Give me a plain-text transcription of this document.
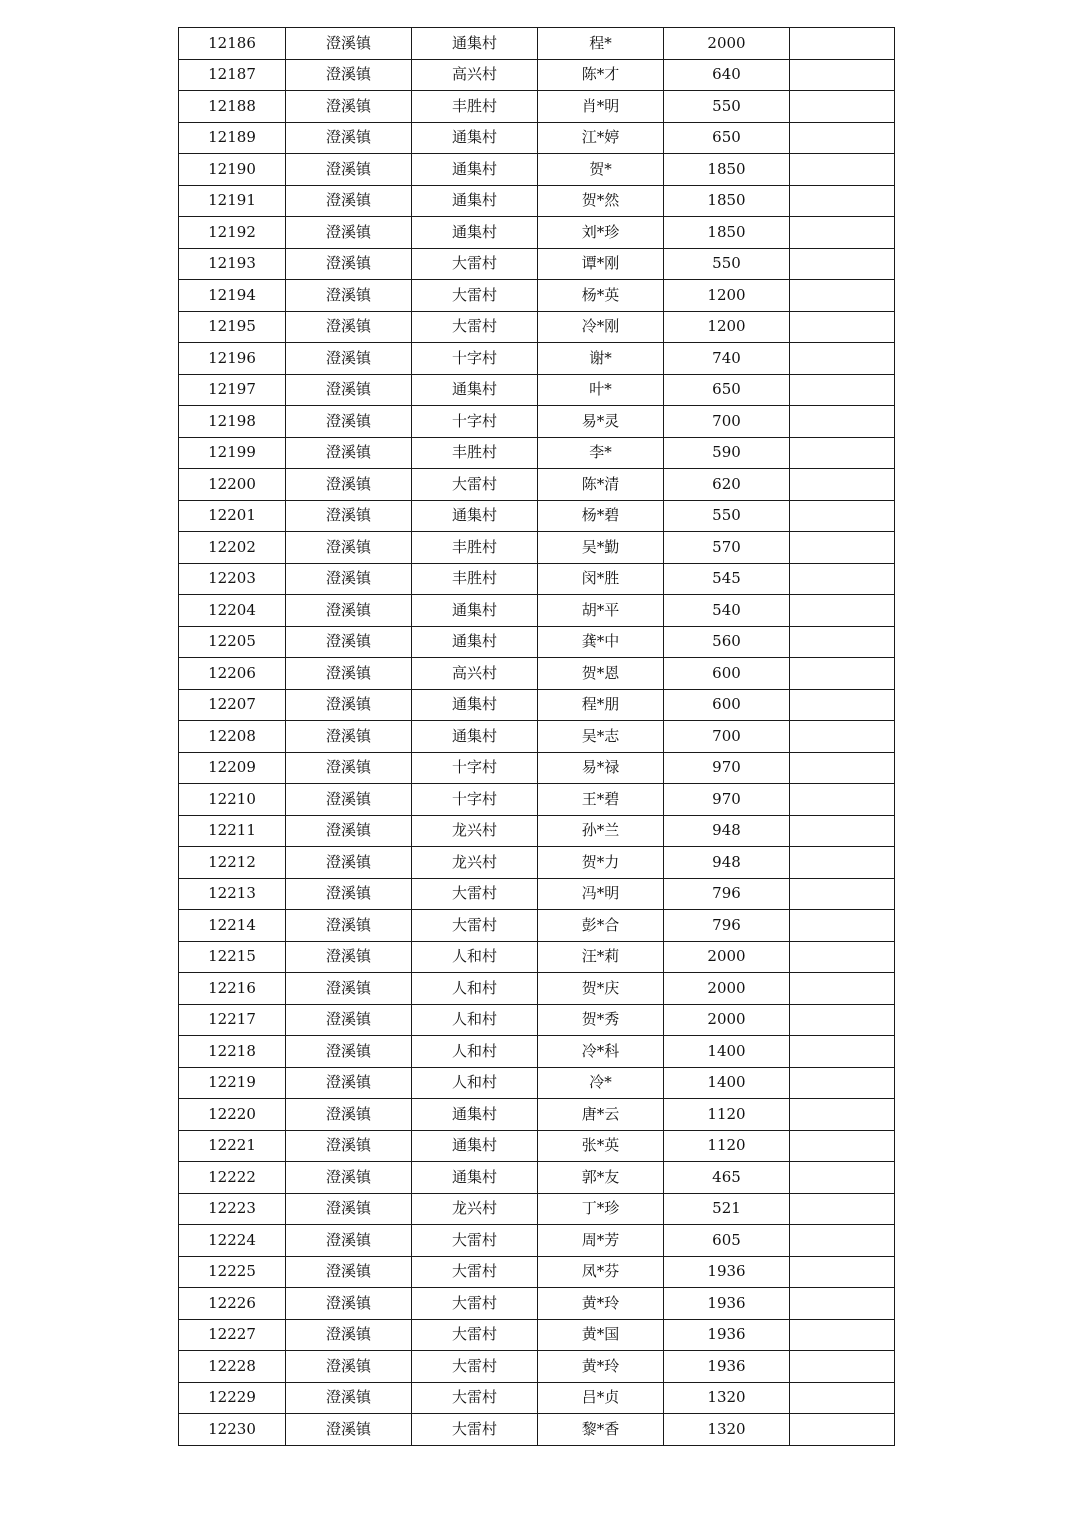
12186	澄溪镇	通集村	程*	2000	
12187	澄溪镇	高兴村	陈*才	640	
12188	澄溪镇	丰胜村	肖*明	550	
12189	澄溪镇	通集村	江*婷	650	
12190	澄溪镇	通集村	贺*	1850	
12191	澄溪镇	通集村	贺*然	1850	
12192	澄溪镇	通集村	刘*珍	1850	
12193	澄溪镇	大雷村	谭*刚	550	
12194	澄溪镇	大雷村	杨*英	1200	
12195	澄溪镇	大雷村	冷*刚	1200	
12196	澄溪镇	十字村	谢*	740	
12197	澄溪镇	通集村	叶*	650	
12198	澄溪镇	十字村	易*灵	700	
12199	澄溪镇	丰胜村	李*	590	
12200	澄溪镇	大雷村	陈*清	620	
12201	澄溪镇	通集村	杨*碧	550	
12202	澄溪镇	丰胜村	吴*勤	570	
12203	澄溪镇	丰胜村	闵*胜	545	
12204	澄溪镇	通集村	胡*平	540	
12205	澄溪镇	通集村	龚*中	560	
12206	澄溪镇	高兴村	贺*恩	600	
12207	澄溪镇	通集村	程*朋	600	
12208	澄溪镇	通集村	吴*志	700	
12209	澄溪镇	十字村	易*禄	970	
12210	澄溪镇	十字村	王*碧	970	
12211	澄溪镇	龙兴村	孙*兰	948	
12212	澄溪镇	龙兴村	贺*力	948	
12213	澄溪镇	大雷村	冯*明	796	
12214	澄溪镇	大雷村	彭*合	796	
12215	澄溪镇	人和村	汪*莉	2000	
12216	澄溪镇	人和村	贺*庆	2000	
12217	澄溪镇	人和村	贺*秀	2000	
12218	澄溪镇	人和村	冷*科	1400	
12219	澄溪镇	人和村	冷*	1400	
12220	澄溪镇	通集村	唐*云	1120	
12221	澄溪镇	通集村	张*英	1120	
12222	澄溪镇	通集村	郭*友	465	
12223	澄溪镇	龙兴村	丁*珍	521	
12224	澄溪镇	大雷村	周*芳	605	
12225	澄溪镇	大雷村	凤*芬	1936	
12226	澄溪镇	大雷村	黄*玲	1936	
12227	澄溪镇	大雷村	黄*国	1936	
12228	澄溪镇	大雷村	黄*玲	1936	
12229	澄溪镇	大雷村	吕*贞	1320	
12230	澄溪镇	大雷村	黎*香	1320	
